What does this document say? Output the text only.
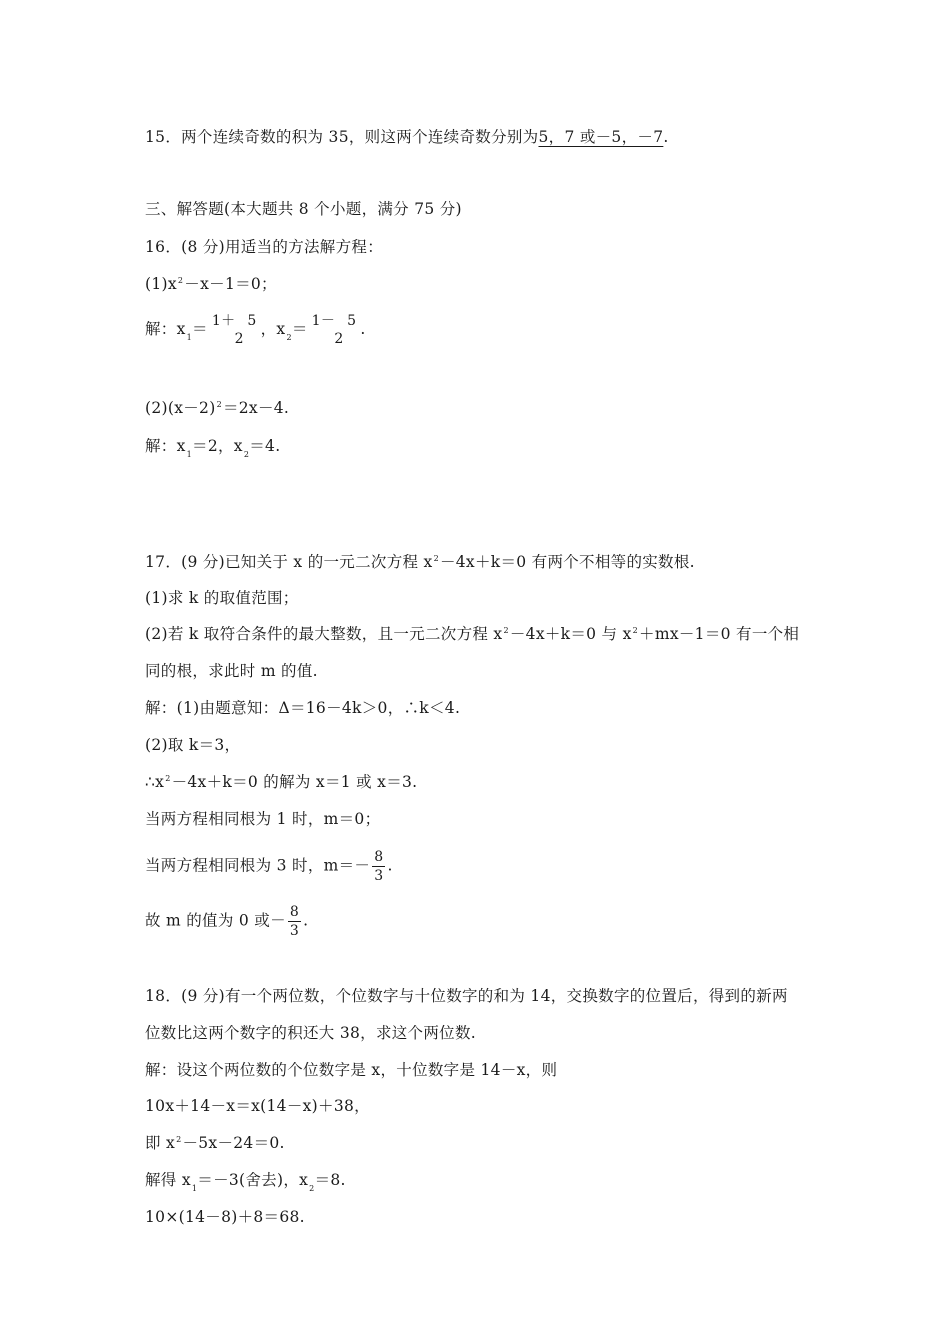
15．两个连续奇数的积为 35，则这两个连续奇数分别为5，7 或－5，－7.
三、解答题(本大题共 8 个小题，满分 75 分)
16．(8 分)用适当的方法解方程：
$(1)x^2-x-1=0$；
解：$x_1= 1+ 5$
2
，$x_2= 1- 5$
2
.
$(2)(x-2)^2=2x-4$.
解：$x_1=2$，$x_2=4$.
17．(9 分)已知关于 x 的一元二次方程 $x^2-4x+k=0$ 有两个不相等的实数根.
(1)求 k 的取值范围；
(2)若 k 取符合条件的最大整数，且一元二次方程 $x^2-4x+k=0$ 与 $x^2+mx-1=0$ 有一个相
同的根，求此时 m 的值.
解：(1)由题意知：Δ＝16－4k＞0，∴k＜4.
(2)取 k＝3，
$\therefore x^2-4x+k=0$ 的解为 x＝1 或 x＝3.
当两方程相同根为 1 时，m＝0；
当两方程相同根为 3 时，$m=- \frac{8}{3}$ .
故 m 的值为 0 或－ $\frac{8}{3}$ .
18．(9 分)有一个两位数，个位数字与十位数字的和为 14，交换数字的位置后，得到的新两
位数比这两个数字的积还大 38，求这个两位数.
解：设这个两位数的个位数字是 x，十位数字是 14－x，则
10x＋14－x＝x(14－x)＋38，
即 $x^2-5x-24=0$.
解得 $x_1=-3$(舍去)，$x_2=8$.
10×(14－8)＋8＝68.
